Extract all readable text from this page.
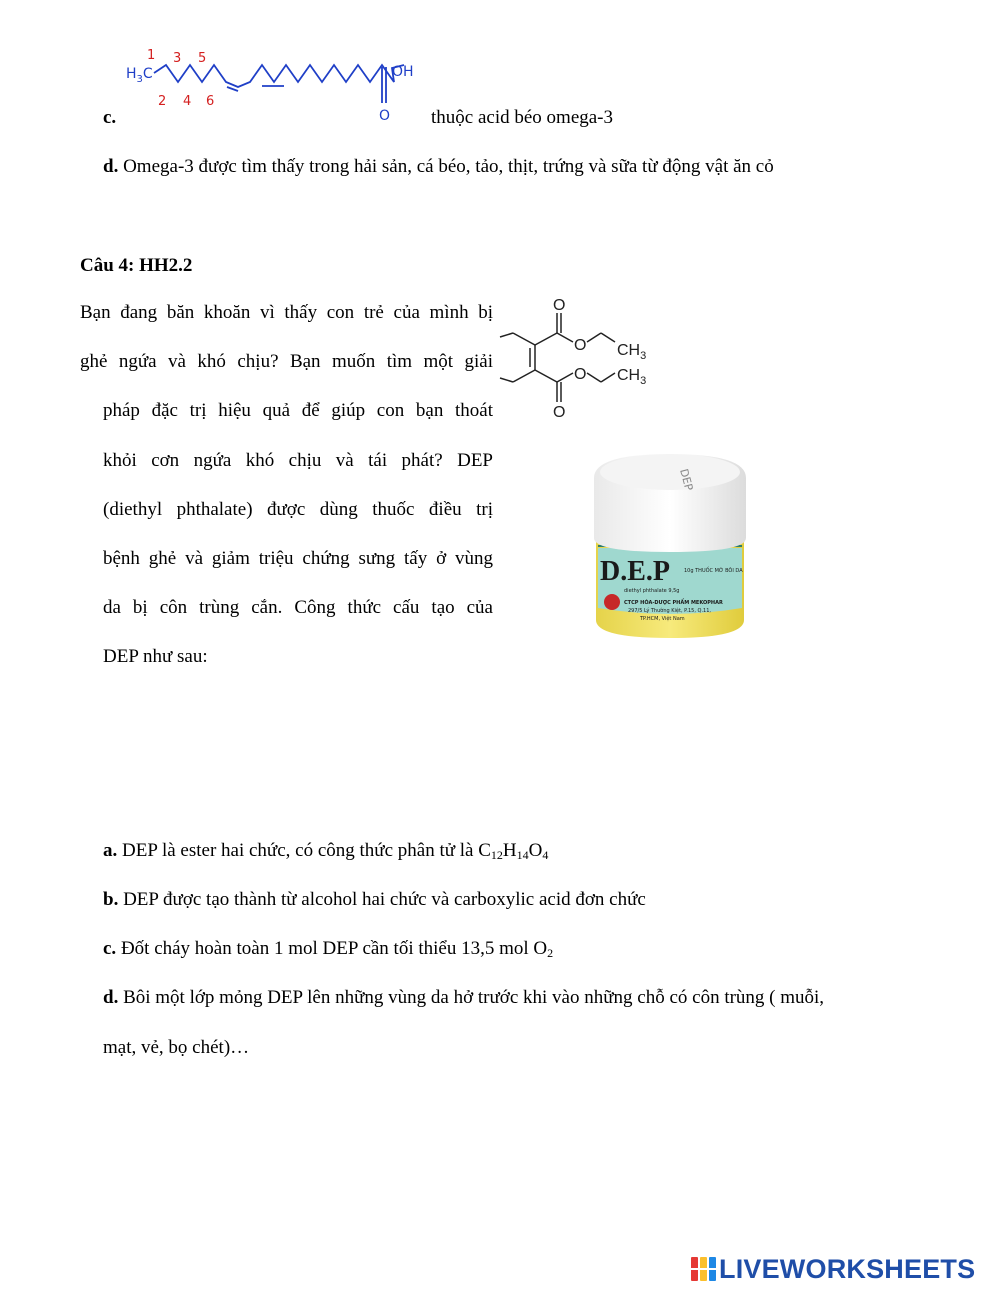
$H_3C$	OH
O
1 3 5
2 4 6
c.	thuộc acid béo omega-3
d. Omega-3 được tìm thấy trong hải sản, cá béo, tảo, thịt, trứng và sữa từ động vật ăn cỏ
Câu 4: HH2.2
Bạn đang băn khoăn vì thấy con trẻ của mình bị
ghẻ ngứa và khó chịu? Bạn muốn tìm một giải
pháp đặc trị hiệu quả để giúp con bạn thoát
khỏi cơn ngứa khó chịu và tái phát? DEP
(diethyl phthalate) được dùng thuốc điều trị
bệnh ghẻ và giảm triệu chứng sưng tấy ở vùng
da bị côn trùng cắn. Công thức cấu tạo của
DEP như sau:
O
O
O
O
$CH_3$
$CH_3$
DEP
D.E.P	10g THUỐC MỠ BÔI DA
diethyl phthalate 9,5g
CTCP HÓA-DƯỢC PHẨM MEKOPHAR
297/5 Lý Thường Kiệt, P.15, Q.11,
TP.HCM, Việt Nam
a. DEP là ester hai chức, có công thức phân tử là $C_{12}H_{14}O_4$
b. DEP được tạo thành từ alcohol hai chức và carboxylic acid đơn chức
c. Đốt cháy hoàn toàn 1 mol DEP cần tối thiểu 13,5 mol $O_2$
d. Bôi một lớp mỏng DEP lên những vùng da hở trước khi vào những chỗ có côn trùng ( muỗi,
mạt, vẻ, bọ chét)…
LIVEWORKSHEETS
